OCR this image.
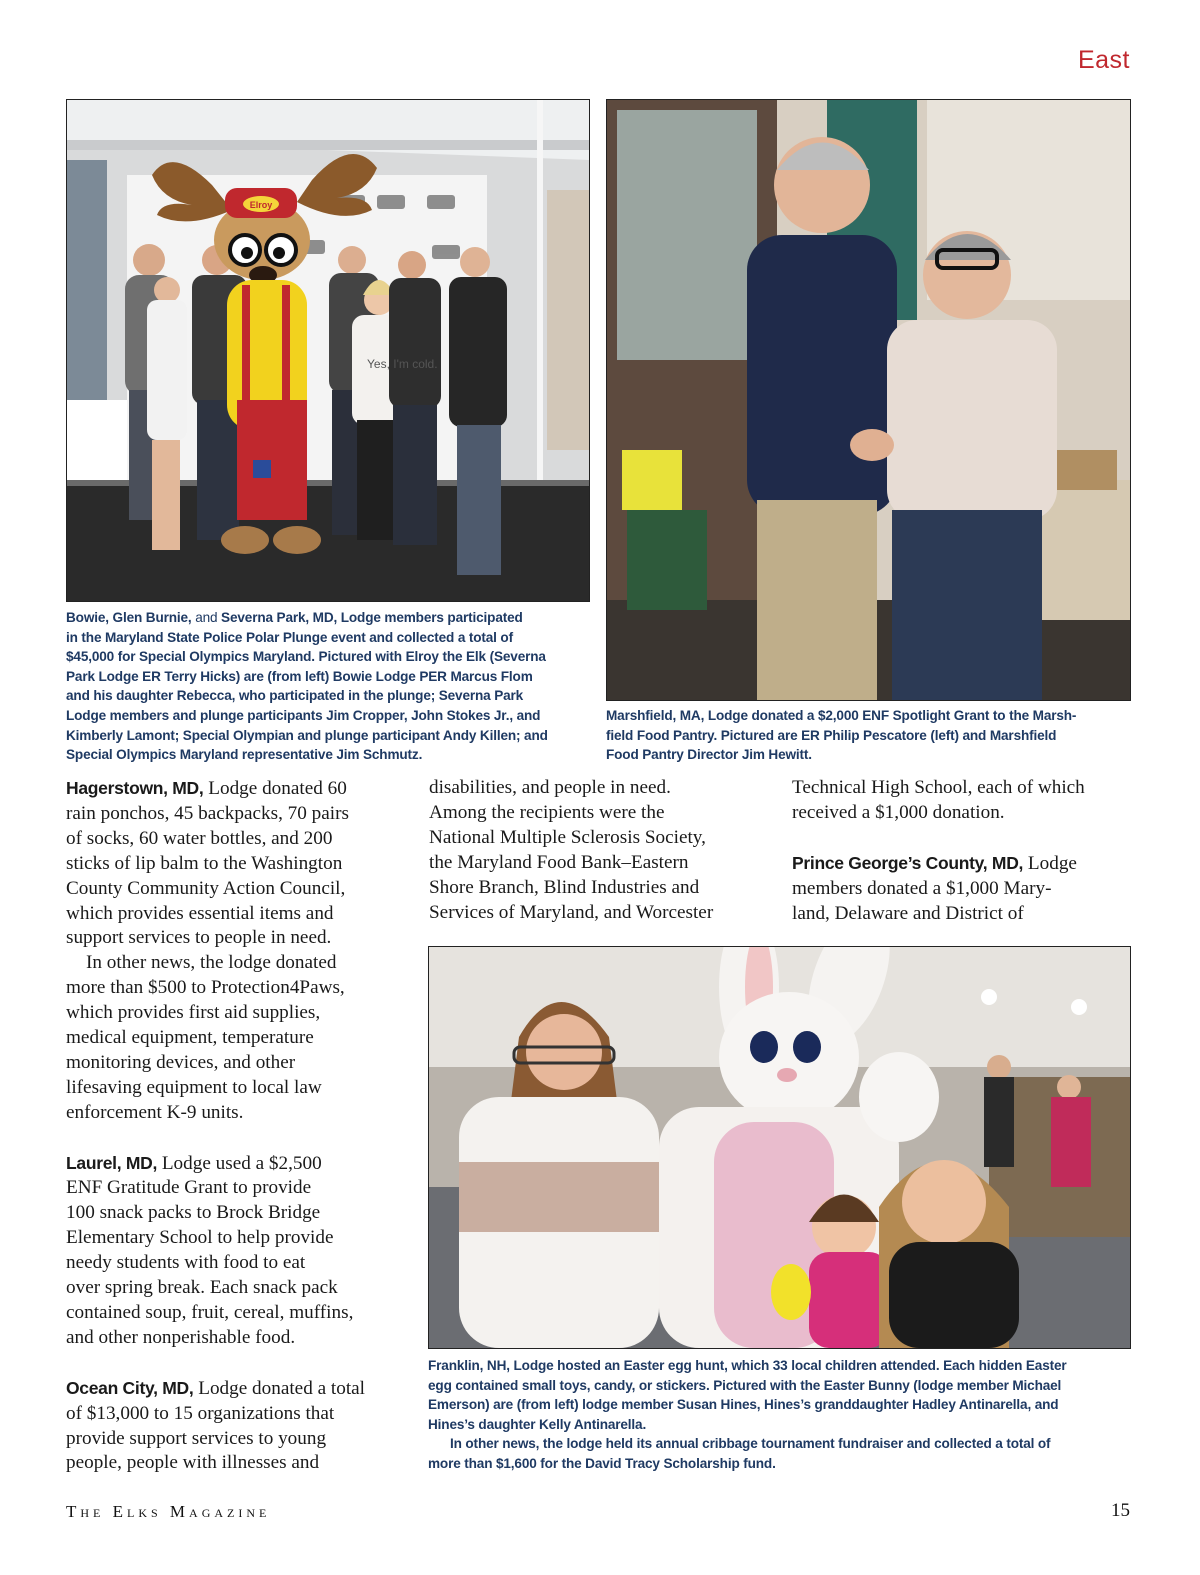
East
Elroy
Yes, I'm cold.

Bowie, Glen Burnie, and Severna Park, MD, Lodge members participated
in the Maryland State Police Polar Plunge event and collected a total of
$45,000 for Special Olympics Maryland. Pictured with Elroy the Elk (Severna
Park Lodge ER Terry Hicks) are (from left) Bowie Lodge PER Marcus Flom
and his daughter Rebecca, who participated in the plunge; Severna Park
Lodge members and plunge participants Jim Cropper, John Stokes Jr., and
Kimberly Lamont; Special Olympian and plunge participant Andy Killen; and
Special Olympics Maryland representative Jim Schmutz.

Marshfield, MA, Lodge donated a $2,000 ENF Spotlight Grant to the Marsh-
field Food Pantry. Pictured are ER Philip Pescatore (left) and Marshfield
Food Pantry Director Jim Hewitt.

Hagerstown, MD, Lodge donated 60
rain ponchos, 45 backpacks, 70 pairs
of socks, 60 water bottles, and 200
sticks of lip balm to the Washington
County Community Action Council,
which provides essential items and
support services to people in need.
In other news, the lodge donated
more than $500 to Protection4Paws,
which provides first aid supplies,
medical equipment, temperature
monitoring devices, and other
lifesaving equipment to local law
enforcement K-9 units.
Laurel, MD, Lodge used a $2,500
ENF Gratitude Grant to provide
100 snack packs to Brock Bridge
Elementary School to help provide
needy students with food to eat
over spring break. Each snack pack
contained soup, fruit, cereal, muffins,
and other nonperishable food.
Ocean City, MD, Lodge donated a total
of $13,000 to 15 organizations that
provide support services to young
people, people with illnesses and
disabilities, and people in need.
Among the recipients were the
National Multiple Sclerosis Society,
the Maryland Food Bank–Eastern
Shore Branch, Blind Industries and
Services of Maryland, and Worcester
Technical High School, each of which
received a $1,000 donation.
Prince George’s County, MD, Lodge
members donated a $1,000 Mary-
land, Delaware and District of

Franklin, NH, Lodge hosted an Easter egg hunt, which 33 local children attended. Each hidden Easter
egg contained small toys, candy, or stickers. Pictured with the Easter Bunny (lodge member Michael
Emerson) are (from left) lodge member Susan Hines, Hines’s granddaughter Hadley Antinarella, and
Hines’s daughter Kelly Antinarella.
In other news, the lodge held its annual cribbage tournament fundraiser and collected a total of
more than $1,600 for the David Tracy Scholarship fund.

The Elks Magazine	15
